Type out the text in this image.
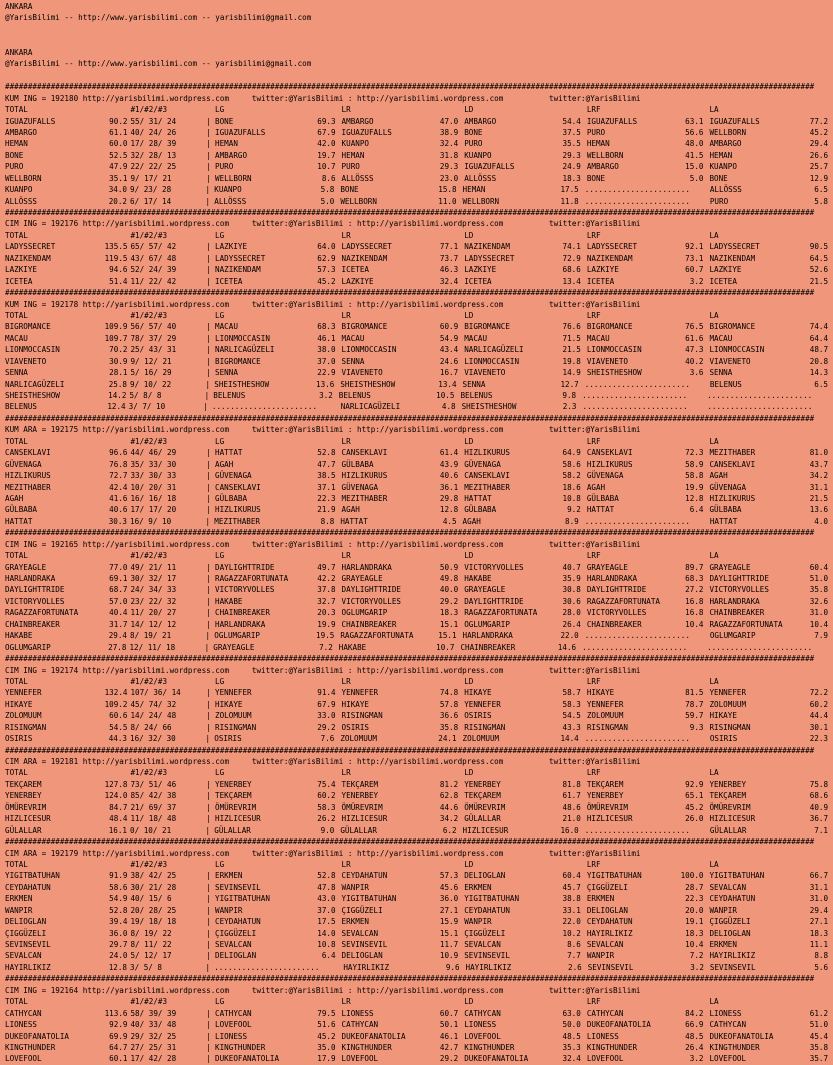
ANKARA
@YarisBilimi -- http://www.yarisbilimi.com -- yarisbilimi@gmail.com
ANKARA
@YarisBilimi -- http://www.yarisbilimi.com -- yarisbilimi@gmail.com
#################################################################################################################################################################################
KUM ING = 192180 http://yarisbilimi.wordpress.com     twitter:@YarisBilimi : http://yarisbilimi.wordpress.com          twitter:@YarisBilimi
TOTAL	#1/#2/#3	LG	LR	LD	LRF	LA
IGUAZUFALLS	90.2 55/ 31/ 24	| BONE	69.3 AMBARGO	47.0 AMBARGO	54.4 IGUAZUFALLS	63.1 IGUAZUFALLS	77.2
AMBARGO	61.1 40/ 24/ 26	| IGUAZUFALLS	67.9 IGUAZUFALLS	38.9 BONE	37.5 PURO	56.6 WELLBORN	45.2
HEMAN	60.0 17/ 28/ 39	| HEMAN	42.0 KUANPO	32.4 PURO	35.5 HEMAN	48.0 AMBARGO	29.4
BONE	52.5 32/ 28/ 13	| AMBARGO	19.7 HEMAN	31.8 KUANPO	29.3 WELLBORN	41.5 HEMAN	26.6
PURO	47.9 22/ 22/ 25	| PURO	10.7 PURO	29.3 IGUAZUFALLS	24.9 AMBARGO	15.0 KUANPO	25.7
WELLBORN	35.1 9/ 17/ 21	| WELLBORN	8.6 ALLÖSSS	23.0 ALLÖSSS	18.3 BONE	5.0 BONE	12.9
KUANPO	34.0 9/ 23/ 28	| KUANPO	5.8 BONE	15.8 HEMAN	17.5 .......................	ALLÖSSS	6.5
ALLÖSSS	20.2 6/ 17/ 14	| ALLÖSSS	5.0 WELLBORN	11.0 WELLBORN	11.8 .......................	PURO	5.8
#################################################################################################################################################################################
CIM ING = 192176 http://yarisbilimi.wordpress.com     twitter:@YarisBilimi : http://yarisbilimi.wordpress.com          twitter:@YarisBilimi
TOTAL	#1/#2/#3	LG	LR	LD	LRF	LA
LADYSSECRET	135.5 65/ 57/ 42	| LAZKIYE	64.0 LADYSSECRET	77.1 NAZIKENDAM	74.1 LADYSSECRET	92.1 LADYSSECRET	90.5
NAZIKENDAM	119.5 43/ 67/ 48	| LADYSSECRET	62.9 NAZIKENDAM	73.7 LADYSSECRET	72.9 NAZIKENDAM	73.1 NAZIKENDAM	64.5
LAZKIYE	94.6 52/ 24/ 39	| NAZIKENDAM	57.3 ICETEA	46.3 LAZKIYE	68.6 LAZKIYE	60.7 LAZKIYE	52.6
ICETEA	51.4 11/ 22/ 42	| ICETEA	45.2 LAZKIYE	32.4 ICETEA	13.4 ICETEA	3.2 ICETEA	21.5
#################################################################################################################################################################################
KUM ING = 192178 http://yarisbilimi.wordpress.com     twitter:@YarisBilimi : http://yarisbilimi.wordpress.com          twitter:@YarisBilimi
TOTAL	#1/#2/#3	LG	LR	LD	LRF	LA
BIGROMANCE	109.9 56/ 57/ 40	| MACAU	68.3 BIGROMANCE	60.9 BIGROMANCE	76.6 BIGROMANCE	76.5 BIGROMANCE	74.4
MACAU	109.7 78/ 37/ 29	| LIONMOCCASIN	46.1 MACAU	54.9 MACAU	71.5 MACAU	61.6 MACAU	64.4
LIONMOCCASIN	70.2 25/ 43/ 31	| NARLICAGÜZELI	38.0 LIONMOCCASIN	43.4 NARLICAGÜZELI	21.5 LIONMOCCASIN	47.3 LIONMOCCASIN	48.7
VIAVENETO	30.9 9/ 12/ 21	| BIGROMANCE	37.0 SENNA	24.6 LIONMOCCASIN	19.8 VIAVENETO	40.2 VIAVENETO	20.8
SENNA	28.1 5/ 16/ 29	| SENNA	22.9 VIAVENETO	16.7 VIAVENETO	14.9 SHEISTHESHOW	3.6 SENNA	14.3
NARLICAGÜZELI	25.8 9/ 10/ 22	| SHEISTHESHOW	13.6 SHEISTHESHOW	13.4 SENNA	12.7 .......................	BELENUS	6.5
SHEISTHESHOW	14.2 5/ 8/ 8	| BELENUS	3.2 BELENUS	10.5 BELENUS	9.8 .......................	.......................
BELENUS	12.4 3/ 7/ 10	| .......................	NARLICAGÜZELI	4.8 SHEISTHESHOW	2.3 .......................	.......................
#################################################################################################################################################################################
KUM ARA = 192175 http://yarisbilimi.wordpress.com     twitter:@YarisBilimi : http://yarisbilimi.wordpress.com          twitter:@YarisBilimi
TOTAL	#1/#2/#3	LG	LR	LD	LRF	LA
CANSEKLAVI	96.6 44/ 46/ 29	| HATTAT	52.8 CANSEKLAVI	61.4 HIZLIKURUS	64.9 CANSEKLAVI	72.3 MEZITHABER	81.0
GÜVENAGA	76.8 35/ 33/ 30	| AGAH	47.7 GÜLBABA	43.9 GÜVENAGA	58.6 HIZLIKURUS	58.9 CANSEKLAVI	43.7
HIZLIKURUS	72.7 33/ 30/ 33	| GÜVENAGA	38.5 HIZLIKURUS	40.6 CANSEKLAVI	58.2 GÜVENAGA	58.8 AGAH	34.2
MEZITHABER	42.4 10/ 20/ 31	| CANSEKLAVI	37.1 GÜVENAGA	36.1 MEZITHABER	18.6 AGAH	19.9 GÜVENAGA	31.1
AGAH	41.6 16/ 16/ 18	| GÜLBABA	22.3 MEZITHABER	29.8 HATTAT	10.8 GÜLBABA	12.8 HIZLIKURUS	21.5
GÜLBABA	40.6 17/ 17/ 20	| HIZLIKURUS	21.9 AGAH	12.8 GÜLBABA	9.2 HATTAT	6.4 GÜLBABA	13.6
HATTAT	30.3 16/ 9/ 10	| MEZITHABER	8.8 HATTAT	4.5 AGAH	8.9 .......................	HATTAT	4.0
#################################################################################################################################################################################
CIM ING = 192165 http://yarisbilimi.wordpress.com     twitter:@YarisBilimi : http://yarisbilimi.wordpress.com          twitter:@YarisBilimi
TOTAL	#1/#2/#3	LG	LR	LD	LRF	LA
GRAYEAGLE	77.0 49/ 21/ 11	| DAYLIGHTTRIDE	49.7 HARLANDRAKA	50.9 VICTORYVOLLES	40.7 GRAYEAGLE	89.7 GRAYEAGLE	60.4
HARLANDRAKA	69.1 30/ 32/ 17	| RAGAZZAFORTUNATA	42.2 GRAYEAGLE	49.8 HAKABE	35.9 HARLANDRAKA	68.3 DAYLIGHTTRIDE	51.0
DAYLIGHTTRIDE	68.7 24/ 34/ 33	| VICTORYVOLLES	37.8 DAYLIGHTTRIDE	40.0 GRAYEAGLE	30.8 DAYLIGHTTRIDE	27.2 VICTORYVOLLES	35.8
VICTORYVOLLES	57.0 23/ 22/ 32	| HAKABE	32.7 VICTORYVOLLES	29.2 DAYLIGHTTRIDE	30.6 RAGAZZAFORTUNATA	16.8 HARLANDRAKA	32.6
RAGAZZAFORTUNATA	40.4 11/ 20/ 27	| CHAINBREAKER	20.3 OGLUMGARIP	18.3 RAGAZZAFORTUNATA	28.0 VICTORYVOLLES	16.8 CHAINBREAKER	31.0
CHAINBREAKER	31.7 14/ 12/ 12	| HARLANDRAKA	19.9 CHAINBREAKER	15.1 OGLUMGARIP	26.4 CHAINBREAKER	10.4 RAGAZZAFORTUNATA	10.4
HAKABE	29.4 8/ 19/ 21	| OGLUMGARIP	19.5 RAGAZZAFORTUNATA	15.1 HARLANDRAKA	22.0 .......................	OGLUMGARIP	7.9
OGLUMGARIP	27.8 12/ 11/ 18	| GRAYEAGLE	7.2 HAKABE	10.7 CHAINBREAKER	14.6 .......................	.......................
#################################################################################################################################################################################
CIM ING = 192174 http://yarisbilimi.wordpress.com     twitter:@YarisBilimi : http://yarisbilimi.wordpress.com          twitter:@YarisBilimi
TOTAL	#1/#2/#3	LG	LR	LD	LRF	LA
YENNEFER	132.4 107/ 36/ 14	| YENNEFER	91.4 YENNEFER	74.8 HIKAYE	58.7 HIKAYE	81.5 YENNEFER	72.2
HIKAYE	109.2 45/ 74/ 32	| HIKAYE	67.9 HIKAYE	57.8 YENNEFER	58.3 YENNEFER	78.7 ZOLOMUUM	60.2
ZOLOMUUM	60.6 14/ 24/ 48	| ZOLOMUUM	33.0 RISINGMAN	36.6 OSIRIS	54.5 ZOLOMUUM	59.7 HIKAYE	44.4
RISINGMAN	54.5 8/ 24/ 66	| RISINGMAN	29.2 OSIRIS	35.8 RISINGMAN	43.3 RISINGMAN	9.3 RISINGMAN	30.1
OSIRIS	44.3 16/ 32/ 30	| OSIRIS	7.6 ZOLOMUUM	24.1 ZOLOMUUM	14.4 .......................	OSIRIS	22.3
#################################################################################################################################################################################
CIM ARA = 192181 http://yarisbilimi.wordpress.com     twitter:@YarisBilimi : http://yarisbilimi.wordpress.com          twitter:@YarisBilimi
TOTAL	#1/#2/#3	LG	LR	LD	LRF	LA
TEKÇAREM	127.8 73/ 51/ 46	| YENERBEY	75.4 TEKÇAREM	81.2 YENERBEY	81.8 TEKÇAREM	92.9 YENERBEY	75.8
YENERBEY	124.0 85/ 42/ 38	| TEKÇAREM	60.2 YENERBEY	62.8 TEKÇAREM	61.7 YENERBEY	65.1 TEKÇAREM	68.6
ÖMÜREVRIM	84.7 21/ 69/ 37	| ÖMÜREVRIM	58.3 ÖMÜREVRIM	44.6 ÖMÜREVRIM	48.6 ÖMÜREVRIM	45.2 ÖMÜREVRIM	40.9
HIZLICESUR	48.4 11/ 18/ 48	| HIZLICESUR	26.2 HIZLICESUR	34.2 GÜLALLAR	21.0 HIZLICESUR	26.0 HIZLICESUR	36.7
GÜLALLAR	16.1 0/ 10/ 21	| GÜLALLAR	9.0 GÜLALLAR	6.2 HIZLICESUR	16.0 .......................	GÜLALLAR	7.1
#################################################################################################################################################################################
CIM ARA = 192179 http://yarisbilimi.wordpress.com     twitter:@YarisBilimi : http://yarisbilimi.wordpress.com          twitter:@YarisBilimi
TOTAL	#1/#2/#3	LG	LR	LD	LRF	LA
YIGITBATUHAN	91.9 38/ 42/ 25	| ERKMEN	52.8 CEYDAHATUN	57.3 DELIOGLAN	60.4 YIGITBATUHAN	100.0 YIGITBATUHAN	66.7
CEYDAHATUN	58.6 30/ 21/ 28	| SEVINSEVIL	47.8 WANPIR	45.6 ERKMEN	45.7 ÇIGGÜZELI	28.7 SEVALCAN	31.1
ERKMEN	54.9 40/ 15/ 6	| YIGITBATUHAN	43.0 YIGITBATUHAN	36.0 YIGITBATUHAN	38.8 ERKMEN	22.3 CEYDAHATUN	31.0
WANPIR	52.8 20/ 28/ 25	| WANPIR	37.0 ÇIGGÜZELI	27.1 CEYDAHATUN	33.1 DELIOGLAN	20.0 WANPIR	29.4
DELIOGLAN	39.4 19/ 18/ 18	| CEYDAHATUN	17.5 ERKMEN	15.9 WANPIR	22.0 CEYDAHATUN	19.1 ÇIGGÜZELI	27.1
ÇIGGÜZELI	36.0 8/ 19/ 22	| ÇIGGÜZELI	14.0 SEVALCAN	15.1 ÇIGGÜZELI	10.2 HAYIRLIKIZ	18.3 DELIOGLAN	18.3
SEVINSEVIL	29.7 8/ 11/ 22	| SEVALCAN	10.8 SEVINSEVIL	11.7 SEVALCAN	8.6 SEVALCAN	10.4 ERKMEN	11.1
SEVALCAN	24.0 5/ 12/ 17	| DELIOGLAN	6.4 DELIOGLAN	10.9 SEVINSEVIL	7.7 WANPIR	7.2 HAYIRLIKIZ	8.8
HAYIRLIKIZ	12.8 3/ 5/ 8	| .......................	HAYIRLIKIZ	9.6 HAYIRLIKIZ	2.6 SEVINSEVIL	3.2 SEVINSEVIL	5.6
#################################################################################################################################################################################
CIM ING = 192164 http://yarisbilimi.wordpress.com     twitter:@YarisBilimi : http://yarisbilimi.wordpress.com          twitter:@YarisBilimi
TOTAL	#1/#2/#3	LG	LR	LD	LRF	LA
CATHYCAN	113.6 58/ 39/ 39	| CATHYCAN	79.5 LIONESS	60.7 CATHYCAN	63.0 CATHYCAN	84.2 LIONESS	61.2
LIONESS	92.9 40/ 33/ 48	| LOVEFOOL	51.6 CATHYCAN	50.1 LIONESS	50.0 DUKEOFANATOLIA	66.9 CATHYCAN	51.0
DUKEOFANATOLIA	69.9 29/ 32/ 25	| LIONESS	45.2 DUKEOFANATOLIA	46.1 LOVEFOOL	48.5 LIONESS	48.5 DUKEOFANATOLIA	45.4
KINGTHUNDER	64.7 27/ 25/ 31	| KINGTHUNDER	35.0 KINGTHUNDER	42.7 KINGTHUNDER	35.3 KINGTHUNDER	26.4 KINGTHUNDER	35.8
LOVEFOOL	60.1 17/ 42/ 28	| DUKEOFANATOLIA	17.9 LOVEFOOL	29.2 DUKEOFANATOLIA	32.4 LOVEFOOL	3.2 LOVEFOOL	35.7
